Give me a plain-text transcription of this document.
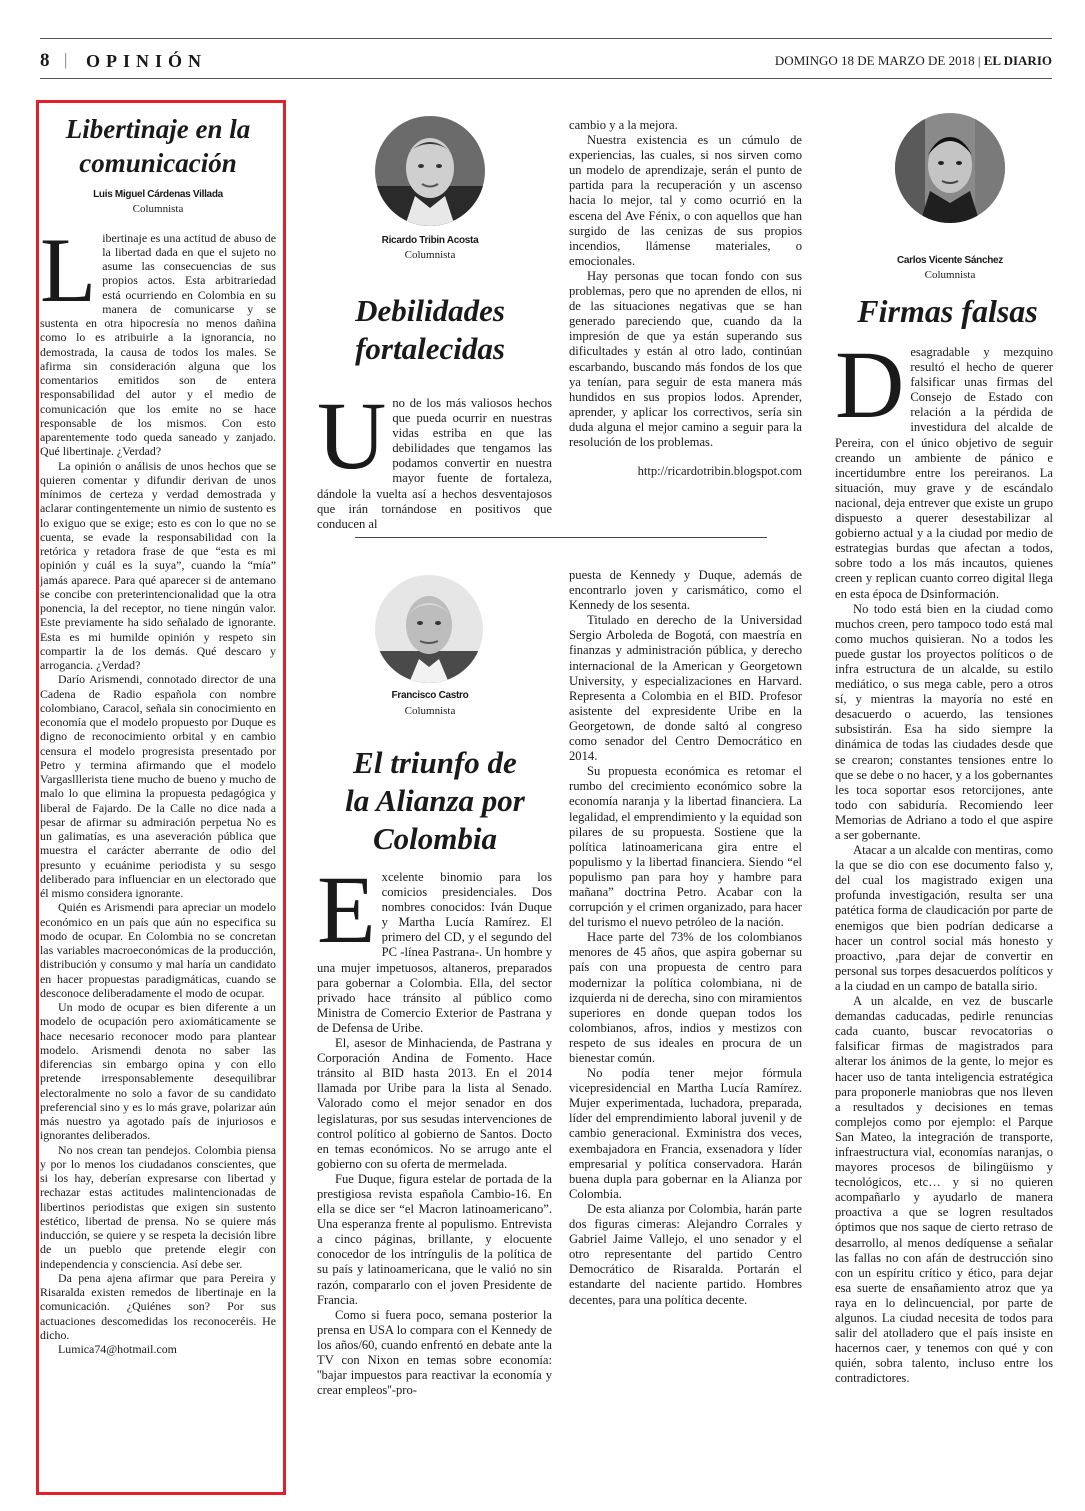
8 | OPINIÓN	DOMINGO 18 DE MARZO DE 2018 | EL DIARIO
Libertinaje en la comunicación
Luis Miguel Cárdenas Villada
Columnista

Libertinaje es una actitud de abuso de la libertad dada en que el sujeto no asume las consecuencias de sus propios actos. Esta arbitrariedad está ocurriendo en Colombia en su manera de comunicarse y se sustenta en otra hipocresía no menos dañina como lo es atribuirle a la ignorancia, no demostrada, la causa de todos los males. Se afirma sin consideración alguna que los comentarios emitidos son de entera responsabilidad del autor y el medio de comunicación que los emite no se hace responsable de los mismos. Con esto aparentemente todo queda saneado y zanjado. Qué libertinaje. ¿Verdad?

La opinión o análisis de unos hechos que se quieren comentar y difundir derivan de unos mínimos de certeza y verdad demostrada y aclarar contingentemente un nimio de sustento es lo exiguo que se exige; esto es con lo que no se cuenta, se evade la responsabilidad con la retórica y retadora frase de que “esta es mi opinión y cuál es la suya”, cuando la “mía” jamás aparece. Para qué aparecer si de antemano se concibe con preterintencionalidad que la otra ponencia, la del receptor, no tiene ningún valor. Este previamente ha sido señalado de ignorante. Esta es mi humilde opinión y respeto sin compartir la de los demás. Qué descaro y arrogancia. ¿Verdad?

Darío Arismendi, connotado director de una Cadena de Radio española con nombre colombiano, Caracol, señala sin conocimiento en economía que el modelo propuesto por Duque es digno de reconocimiento orbital y en cambio censura el modelo progresista presentado por Petro y termina afirmando que el modelo Vargaslllerista tiene mucho de bueno y mucho de malo lo que elimina la propuesta pedagógica y liberal de Fajardo. De la Calle no dice nada a pesar de afirmar su admiración perpetua No es un galimatías, es una aseveración pública que muestra el carácter aberrante de odio del presunto y ecuánime periodista y su sesgo deliberado para influenciar en un electorado que él mismo considera ignorante.

Quién es Arismendi para apreciar un modelo económico en un país que aún no especifica su modo de ocupar. En Colombia no se concretan las variables macroeconómicas de la producción, distribución y consumo y mal haría un candidato en hacer propuestas paradigmáticas, cuando se desconoce deliberadamente el modo de ocupar.

Un modo de ocupar es bien diferente a un modelo de ocupación pero axiomáticamente se hace necesario reconocer modo para plantear modelo. Arismendi denota no saber las diferencias sin embargo opina y con ello pretende irresponsablemente desequilibrar electoralmente no solo a favor de su candidato preferencial sino y es lo más grave, polarizar aún más nuestro ya agotado país de injuriosos e ignorantes deliberados.

No nos crean tan pendejos. Colombia piensa y por lo menos los ciudadanos conscientes, que si los hay, deberían expresarse con libertad y rechazar estas actitudes malintencionadas de libertinos periodistas que exigen sin sustento estético, libertad de prensa. No se quiere más inducción, se quiere y se respeta la decisión libre de un pueblo que pretende elegir con independencia y consciencia. Así debe ser.

Da pena ajena afirmar que para Pereira y Risaralda existen remedos de libertinaje en la comunicación. ¿Quiénes son? Por sus actuaciones descomedidas los reconoceréis. He dicho.

Lumica74@hotmail.com

Ricardo Tribin Acosta
Columnista
Debilidades fortalecidas

Uno de los más valiosos hechos que pueda ocurrir en nuestras vidas estriba en que las debilidades que tengamos las podamos convertir en nuestra mayor fuente de fortaleza, dándole la vuelta así a hechos desventajosos que irán tornándose en positivos que conducen al

cambio y a la mejora.

Nuestra existencia es un cúmulo de experiencias, las cuales, si nos sirven como un modelo de aprendizaje, serán el punto de partida para la recuperación y un ascenso hacia lo mejor, tal y como ocurrió en la escena del Ave Fénix, o con aquellos que han surgido de las cenizas de sus propios incendios, llámense materiales, o emocionales.

Hay personas que tocan fondo con sus problemas, pero que no aprenden de ellos, ni de las situaciones negativas que se han generado pareciendo que, cuando da la impresión de que ya están superando sus dificultades y están al otro lado, continúan escarbando, buscando más fondos de los que ya tenían, para seguir de esta manera más hundidos en sus propios lodos. Aprender, aprender, y aplicar los correctivos, sería sin duda alguna el mejor camino a seguir para la resolución de los problemas.

http://ricardotribin.blogspot.com

Francisco Castro
Columnista
El triunfo de la Alianza por Colombia

Excelente binomio para los comicios presidenciales. Dos nombres conocidos: Iván Duque y Martha Lucía Ramírez. El primero del CD, y el segundo del PC -línea Pastrana-. Un hombre y una mujer impetuosos, altaneros, preparados para gobernar a Colombia. Ella, del sector privado hace tránsito al público como Ministra de Comercio Exterior de Pastrana y de Defensa de Uribe.

El, asesor de Minhacienda, de Pastrana y Corporación Andina de Fomento. Hace tránsito al BID hasta 2013. En el 2014 llamada por Uribe para la lista al Senado. Valorado como el mejor senador en dos legislaturas, por sus sesudas intervenciones de control político al gobierno de Santos. Docto en temas económicos. No se arrugo ante el gobierno con su oferta de mermelada.

Fue Duque, figura estelar de portada de la prestigiosa revista española Cambio-16. En ella se dice ser “el Macron latinoamericano”. Una esperanza frente al populismo. Entrevista a cinco páginas, brillante, y elocuente conocedor de los intríngulis de la política de su país y latinoamericana, que le valió no sin razón, compararlo con el joven Presidente de Francia.

Como si fuera poco, semana posterior la prensa en USA lo compara con el Kennedy de los años/60, cuando enfrentó en debate ante la TV con Nixon en temas sobre economía: ''bajar impuestos para reactivar la economía y crear empleos''-pro-

puesta de Kennedy y Duque, además de encontrarlo joven y carismático, como el Kennedy de los sesenta.

Titulado en derecho de la Universidad Sergio Arboleda de Bogotá, con maestría en finanzas y administración pública, y derecho internacional de la American y Georgetown University, y especializaciones en Harvard. Representa a Colombia en el BID. Profesor asistente del expresidente Uribe en la Georgetown, de donde saltó al congreso como senador del Centro Democrático en 2014.

Su propuesta económica es retomar el rumbo del crecimiento económico sobre la economía naranja y la libertad financiera. La legalidad, el emprendimiento y la equidad son pilares de su propuesta. Sostiene que la política latinoamericana gira entre el populismo y la libertad financiera. Siendo “el populismo pan para hoy y hambre para mañana” doctrina Petro. Acabar con la corrupción y el crimen organizado, para hacer del turismo el nuevo petróleo de la nación.

Hace parte del 73% de los colombianos menores de 45 años, que aspira gobernar su país con una propuesta de centro para modernizar la política colombiana, ni de izquierda ni de derecha, sino con miramientos superiores en donde quepan todos los colombianos, afros, indios y mestizos con respeto de sus ideales en procura de un bienestar común.

No podía tener mejor fórmula vicepresidencial en Martha Lucía Ramírez. Mujer experimentada, luchadora, preparada, líder del emprendimiento laboral juvenil y de cambio generacional. Exministra dos veces, exembajadora en Francia, exsenadora y líder empresarial y política conservadora. Harán buena dupla para gobernar en la Alianza por Colombia.

De esta alianza por Colombia, harán parte dos figuras cimeras: Alejandro Corrales y Gabriel Jaime Vallejo, el uno senador y el otro representante del partido Centro Democrático de Risaralda. Portarán el estandarte del naciente partido. Hombres decentes, para una política decente.

Carlos Vicente Sánchez
Columnista
Firmas falsas

Desagradable y mezquino resultó el hecho de querer falsificar unas firmas del Consejo de Estado con relación a la pérdida de investidura del alcalde de Pereira, con el único objetivo de seguir creando un ambiente de pánico e incertidumbre entre los pereiranos. La situación, muy grave y de escándalo nacional, deja entrever que existe un grupo dispuesto a querer desestabilizar al gobierno actual y a la ciudad por medio de estrategias burdas que afectan a todos, sobre todo a los más incautos, quienes creen y replican cuanto correo digital llega en esta época de Dsinformación.

No todo está bien en la ciudad como muchos creen, pero tampoco todo está mal como muchos quisieran. No a todos les puede gustar los proyectos políticos o de infra estructura de un alcalde, su estilo mediático, o sus mega cable, pero a otros sí, y mientras la mayoría no esté en desacuerdo o acuerdo, las tensiones subsistirán. Esa ha sido siempre la dinámica de todas las ciudades desde que se crearon; constantes tensiones entre lo que se debe o no hacer, y a los gobernantes les toca soportar esos retorcijones, ante todo con sabiduría. Recomiendo leer Memorias de Adriano a todo el que aspire a ser gobernante.

Atacar a un alcalde con mentiras, como la que se dio con ese documento falso y, del cual los magistrado exigen una profunda investigación, resulta ser una patética forma de claudicación por parte de enemigos que bien podrían dedicarse a hacer un control social más honesto y proactivo, ,para dejar de convertir en personal sus torpes desacuerdos políticos y a la ciudad en un campo de batalla sirio.

A un alcalde, en vez de buscarle demandas caducadas, pedirle renuncias cada cuanto, buscar revocatorias o falsificar firmas de magistrados para alterar los ánimos de la gente, lo mejor es hacer uso de tanta inteligencia estratégica para proponerle maniobras que nos lleven a resultados y decisiones en temas complejos como por ejemplo: el Parque San Mateo, la integración de transporte, infraestructura vial, economías naranjas, o mayores procesos de bilingüismo y tecnológicos, etc… y si no quieren acompañarlo y ayudarlo de manera proactiva a que se logren resultados óptimos que nos saque de cierto retraso de desarrollo, al menos dedíquense a señalar las fallas no con afán de destrucción sino con un espíritu crítico y ético, para dejar esa suerte de ensañamiento atroz que ya raya en lo delincuencial, por parte de algunos. La ciudad necesita de todos para salir del atolladero que el país insiste en hacernos caer, y tenemos con qué y con quién, sobra talento, incluso entre los contradictores.
